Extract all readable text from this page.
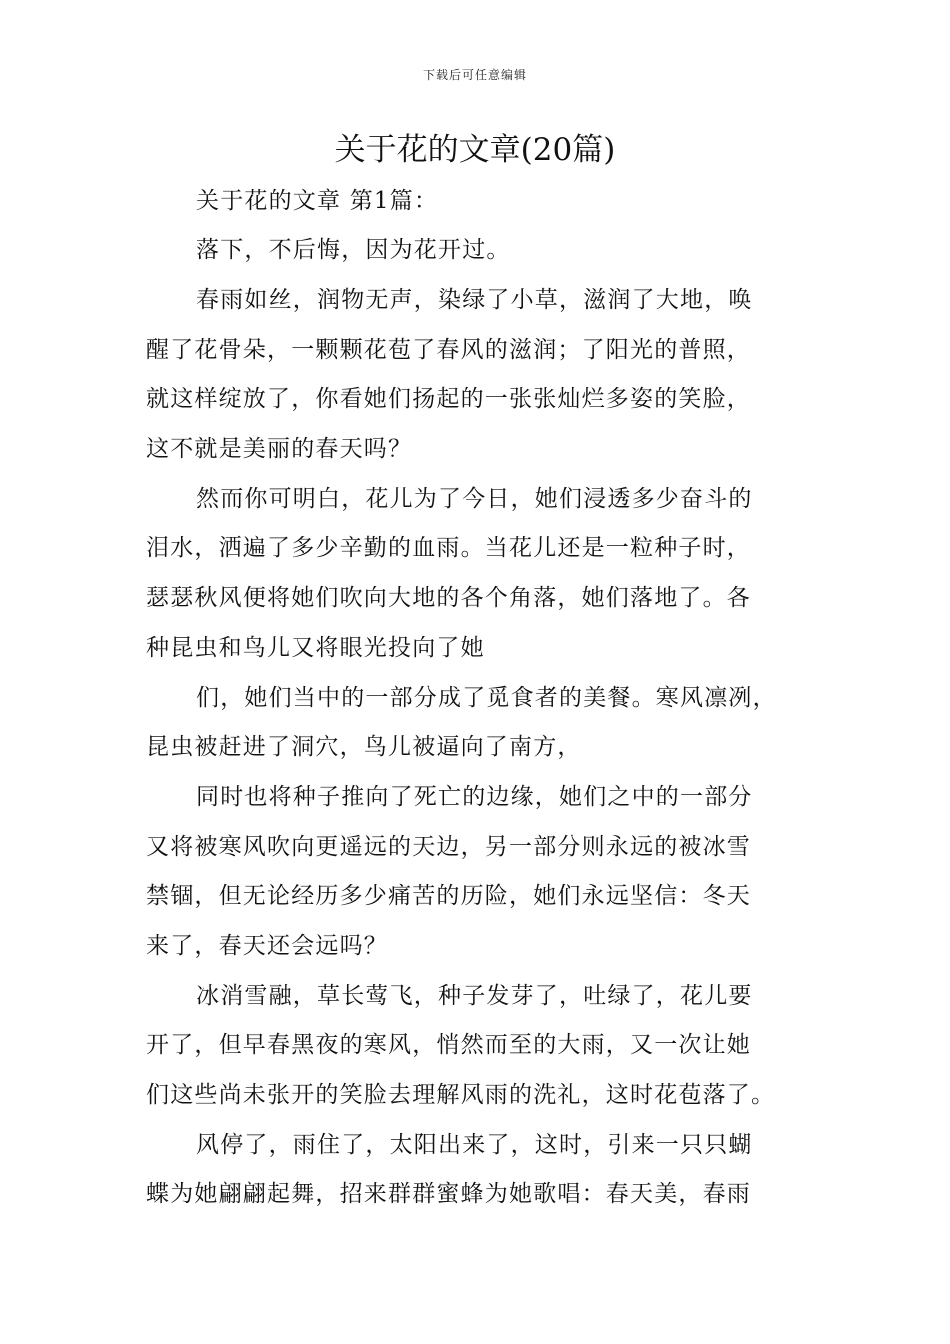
下载后可任意编辑
关于花的文章(20篇)
关于花的文章 第1篇：
落下，不后悔，因为花开过。
春雨如丝，润物无声，染绿了小草，滋润了大地，唤
醒了花骨朵，一颗颗花苞了春风的滋润；了阳光的普照，
就这样绽放了，你看她们扬起的一张张灿烂多姿的笑脸，
这不就是美丽的春天吗？
然而你可明白，花儿为了今日，她们浸透多少奋斗的
泪水，洒遍了多少辛勤的血雨。当花儿还是一粒种子时，
瑟瑟秋风便将她们吹向大地的各个角落，她们落地了。各
种昆虫和鸟儿又将眼光投向了她
们，她们当中的一部分成了觅食者的美餐。寒风凛冽，
昆虫被赶进了洞穴，鸟儿被逼向了南方，
同时也将种子推向了死亡的边缘，她们之中的一部分
又将被寒风吹向更遥远的天边，另一部分则永远的被冰雪
禁锢，但无论经历多少痛苦的历险，她们永远坚信：冬天
来了，春天还会远吗？
冰消雪融，草长莺飞，种子发芽了，吐绿了，花儿要
开了，但早春黑夜的寒风，悄然而至的大雨，又一次让她
们这些尚未张开的笑脸去理解风雨的洗礼，这时花苞落了。
风停了，雨住了，太阳出来了，这时，引来一只只蝴
蝶为她翩翩起舞，招来群群蜜蜂为她歌唱：春天美，春雨
